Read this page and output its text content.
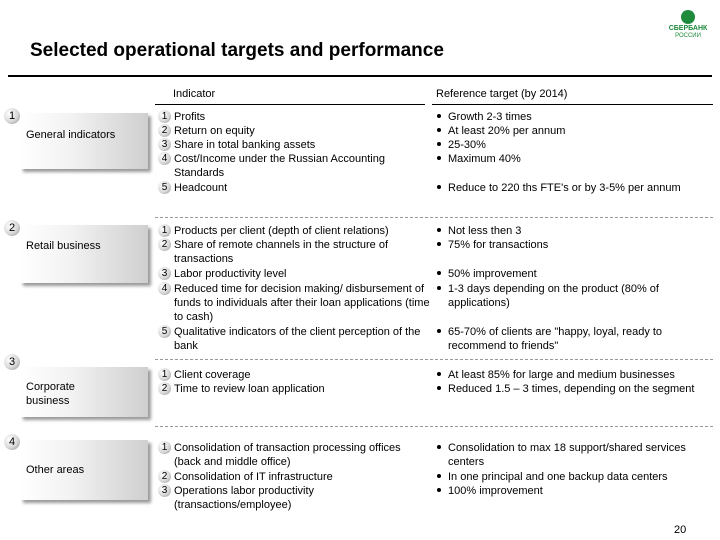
Selected operational targets and performance
СБЕРБАНК
РОССИИ
Indicator	Reference target (by 2014)
1
General indicators
1 Profits
2 Return on equity
3 Share in total banking assets
4 Cost/Income under the Russian Accounting Standards
5 Headcount
Growth 2-3 times
At least 20% per annum
25-30%
Maximum 40%
Reduce to 220 ths FTE's or by 3-5% per annum
2
Retail business
1 Products per client (depth of client relations)
2 Share of remote channels in the structure of transactions
3 Labor productivity level
4 Reduced time for decision making/ disbursement of funds to individuals after their loan applications (time to cash)
5 Qualitative indicators of the client perception of the bank
Not less then 3
75% for transactions
50% improvement
1-3 days depending on the product (80% of applications)
65-70% of clients are "happy, loyal, ready to recommend to friends"
3
Corporate business
1 Client coverage
2 Time to review loan application
At least 85% for large and medium businesses
Reduced 1.5 – 3 times, depending on the segment
4
Other areas
1 Consolidation of transaction processing offices (back and middle office)
2 Consolidation of IT infrastructure
3 Operations labor productivity (transactions/employee)
Consolidation to max 18 support/shared services centers
In one principal and one backup data centers
100% improvement
20
